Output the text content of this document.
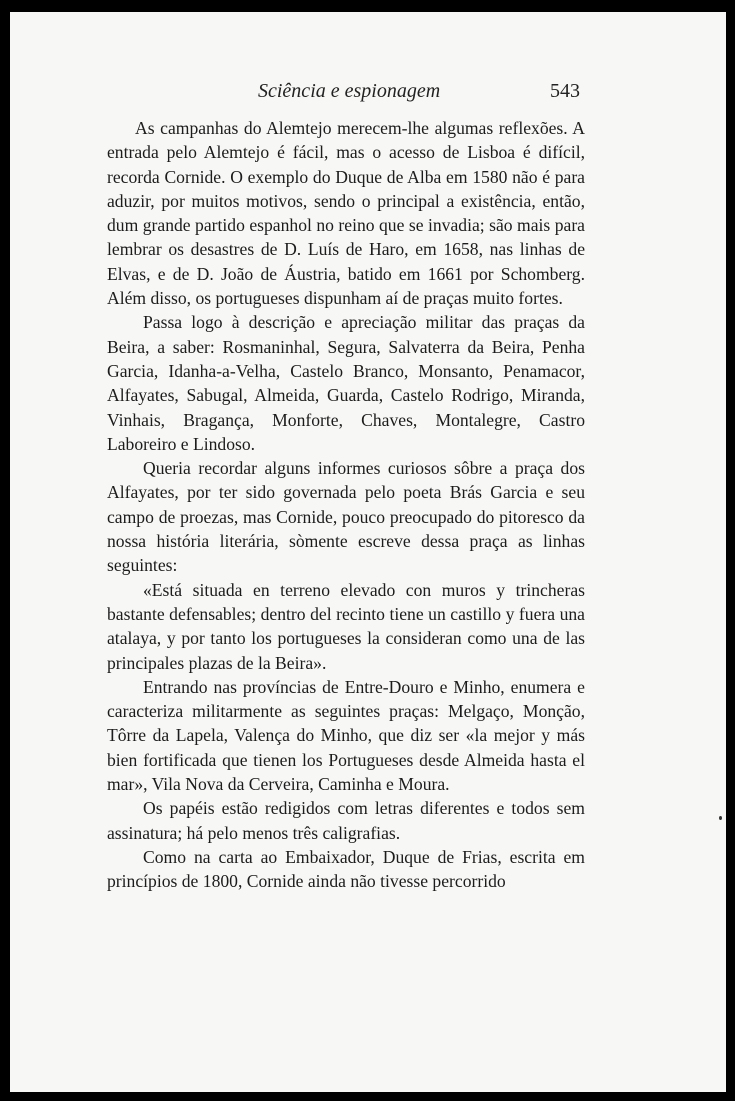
Sciência e espionagem	543

As campanhas do Alemtejo merecem-lhe algumas reflexões. A entrada pelo Alemtejo é fácil, mas o acesso de Lisboa é difícil, recorda Cornide. O exemplo do Duque de Alba em 1580 não é para aduzir, por muitos motivos, sendo o principal a existência, então, dum grande partido espanhol no reino que se invadia; são mais para lembrar os desastres de D. Luís de Haro, em 1658, nas linhas de Elvas, e de D. João de Áustria, batido em 1661 por Schomberg. Além disso, os portugueses dispunham aí de praças muito fortes.

Passa logo à descrição e apreciação militar das praças da Beira, a saber: Rosmaninhal, Segura, Salvaterra da Beira, Penha Garcia, Idanha-a-Velha, Castelo Branco, Monsanto, Penamacor, Alfayates, Sabugal, Almeida, Guarda, Castelo Rodrigo, Miranda, Vinhais, Bragança, Monforte, Chaves, Montalegre, Castro Laboreiro e Lindoso.

Queria recordar alguns informes curiosos sôbre a praça dos Alfayates, por ter sido governada pelo poeta Brás Garcia e seu campo de proezas, mas Cornide, pouco preocupado do pitoresco da nossa história literária, sòmente escreve dessa praça as linhas seguintes:

«Está situada en terreno elevado con muros y trincheras bastante defensables; dentro del recinto tiene un castillo y fuera una atalaya, y por tanto los portugueses la consideran como una de las principales plazas de la Beira».

Entrando nas províncias de Entre-Douro e Minho, enumera e caracteriza militarmente as seguintes praças: Melgaço, Monção, Tôrre da Lapela, Valença do Minho, que diz ser «la mejor y más bien fortificada que tienen los Portugueses desde Almeida hasta el mar», Vila Nova da Cerveira, Caminha e Moura.

Os papéis estão redigidos com letras diferentes e todos sem assinatura; há pelo menos três caligrafias.

Como na carta ao Embaixador, Duque de Frias, escrita em princípios de 1800, Cornide ainda não tivesse percorrido
